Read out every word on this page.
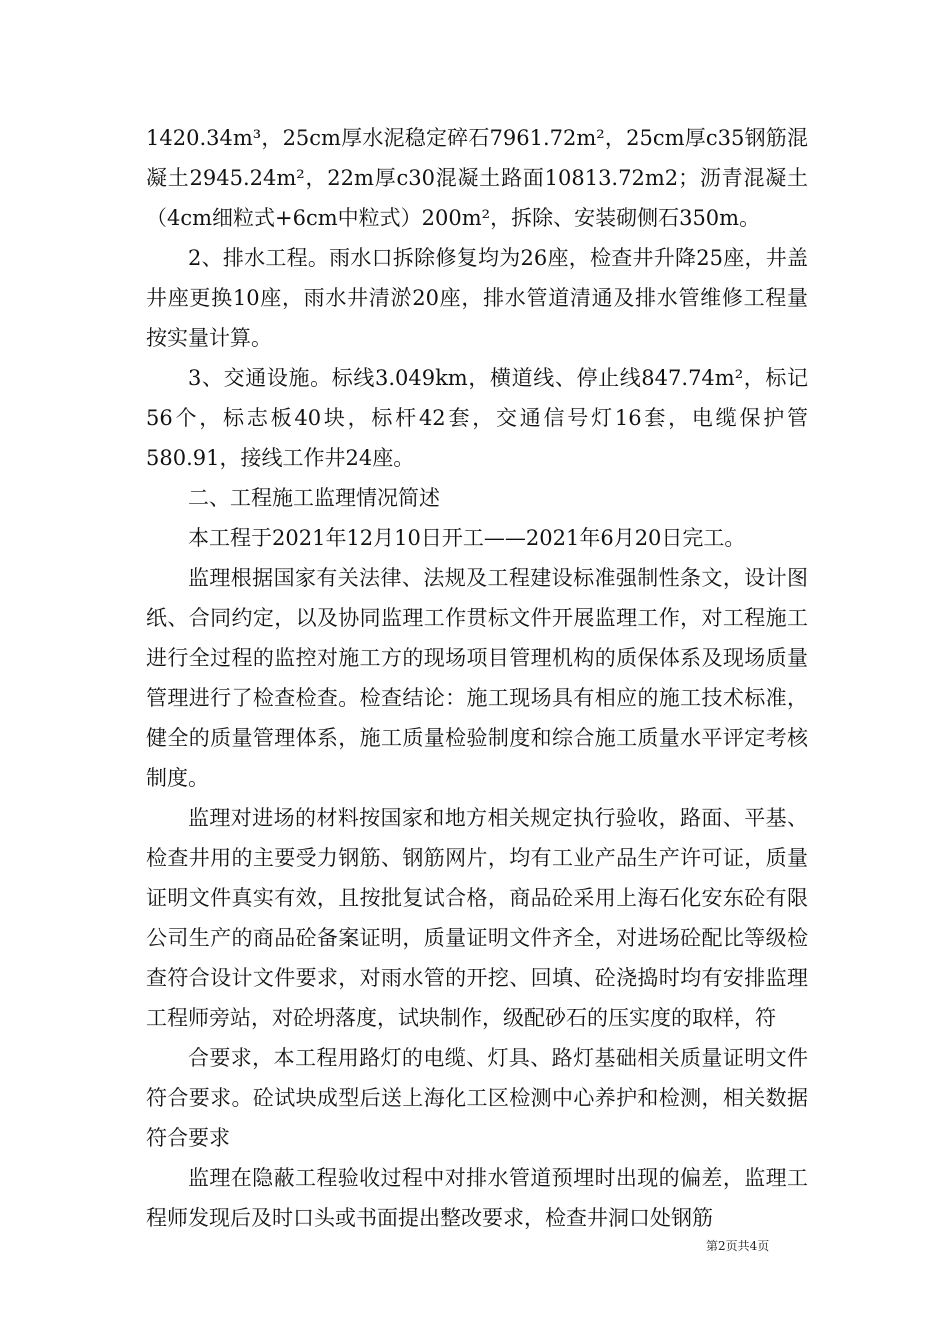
1420.34m³，25cm厚水泥稳定碎石7961.72m²，25cm厚c35钢筋混凝土2945.24m²，22m厚c30混凝土路面10813.72m2；沥青混凝土（4cm细粒式+6cm中粒式）200m²，拆除、安装砌侧石350m。

2、排水工程。雨水口拆除修复均为26座，检查井升降25座，井盖井座更换10座，雨水井清淤20座，排水管道清通及排水管维修工程量按实量计算。

3、交通设施。标线3.049km，横道线、停止线847.74m²，标记56个，标志板40块，标杆42套，交通信号灯16套，电缆保护管580.91，接线工作井24座。

二、工程施工监理情况简述

本工程于2021年12月10日开工——2021年6月20日完工。

监理根据国家有关法律、法规及工程建设标准强制性条文，设计图纸、合同约定，以及协同监理工作贯标文件开展监理工作，对工程施工进行全过程的监控对施工方的现场项目管理机构的质保体系及现场质量管理进行了检查检查。检查结论：施工现场具有相应的施工技术标准，健全的质量管理体系，施工质量检验制度和综合施工质量水平评定考核制度。

监理对进场的材料按国家和地方相关规定执行验收，路面、平基、检查井用的主要受力钢筋、钢筋网片，均有工业产品生产许可证，质量证明文件真实有效，且按批复试合格，商品砼采用上海石化安东砼有限公司生产的商品砼备案证明，质量证明文件齐全，对进场砼配比等级检查符合设计文件要求，对雨水管的开挖、回填、砼浇捣时均有安排监理工程师旁站，对砼坍落度，试块制作，级配砂石的压实度的取样，符

合要求，本工程用路灯的电缆、灯具、路灯基础相关质量证明文件符合要求。砼试块成型后送上海化工区检测中心养护和检测，相关数据符合要求

监理在隐蔽工程验收过程中对排水管道预埋时出现的偏差，监理工程师发现后及时口头或书面提出整改要求，检查井洞口处钢筋

第2页共4页
